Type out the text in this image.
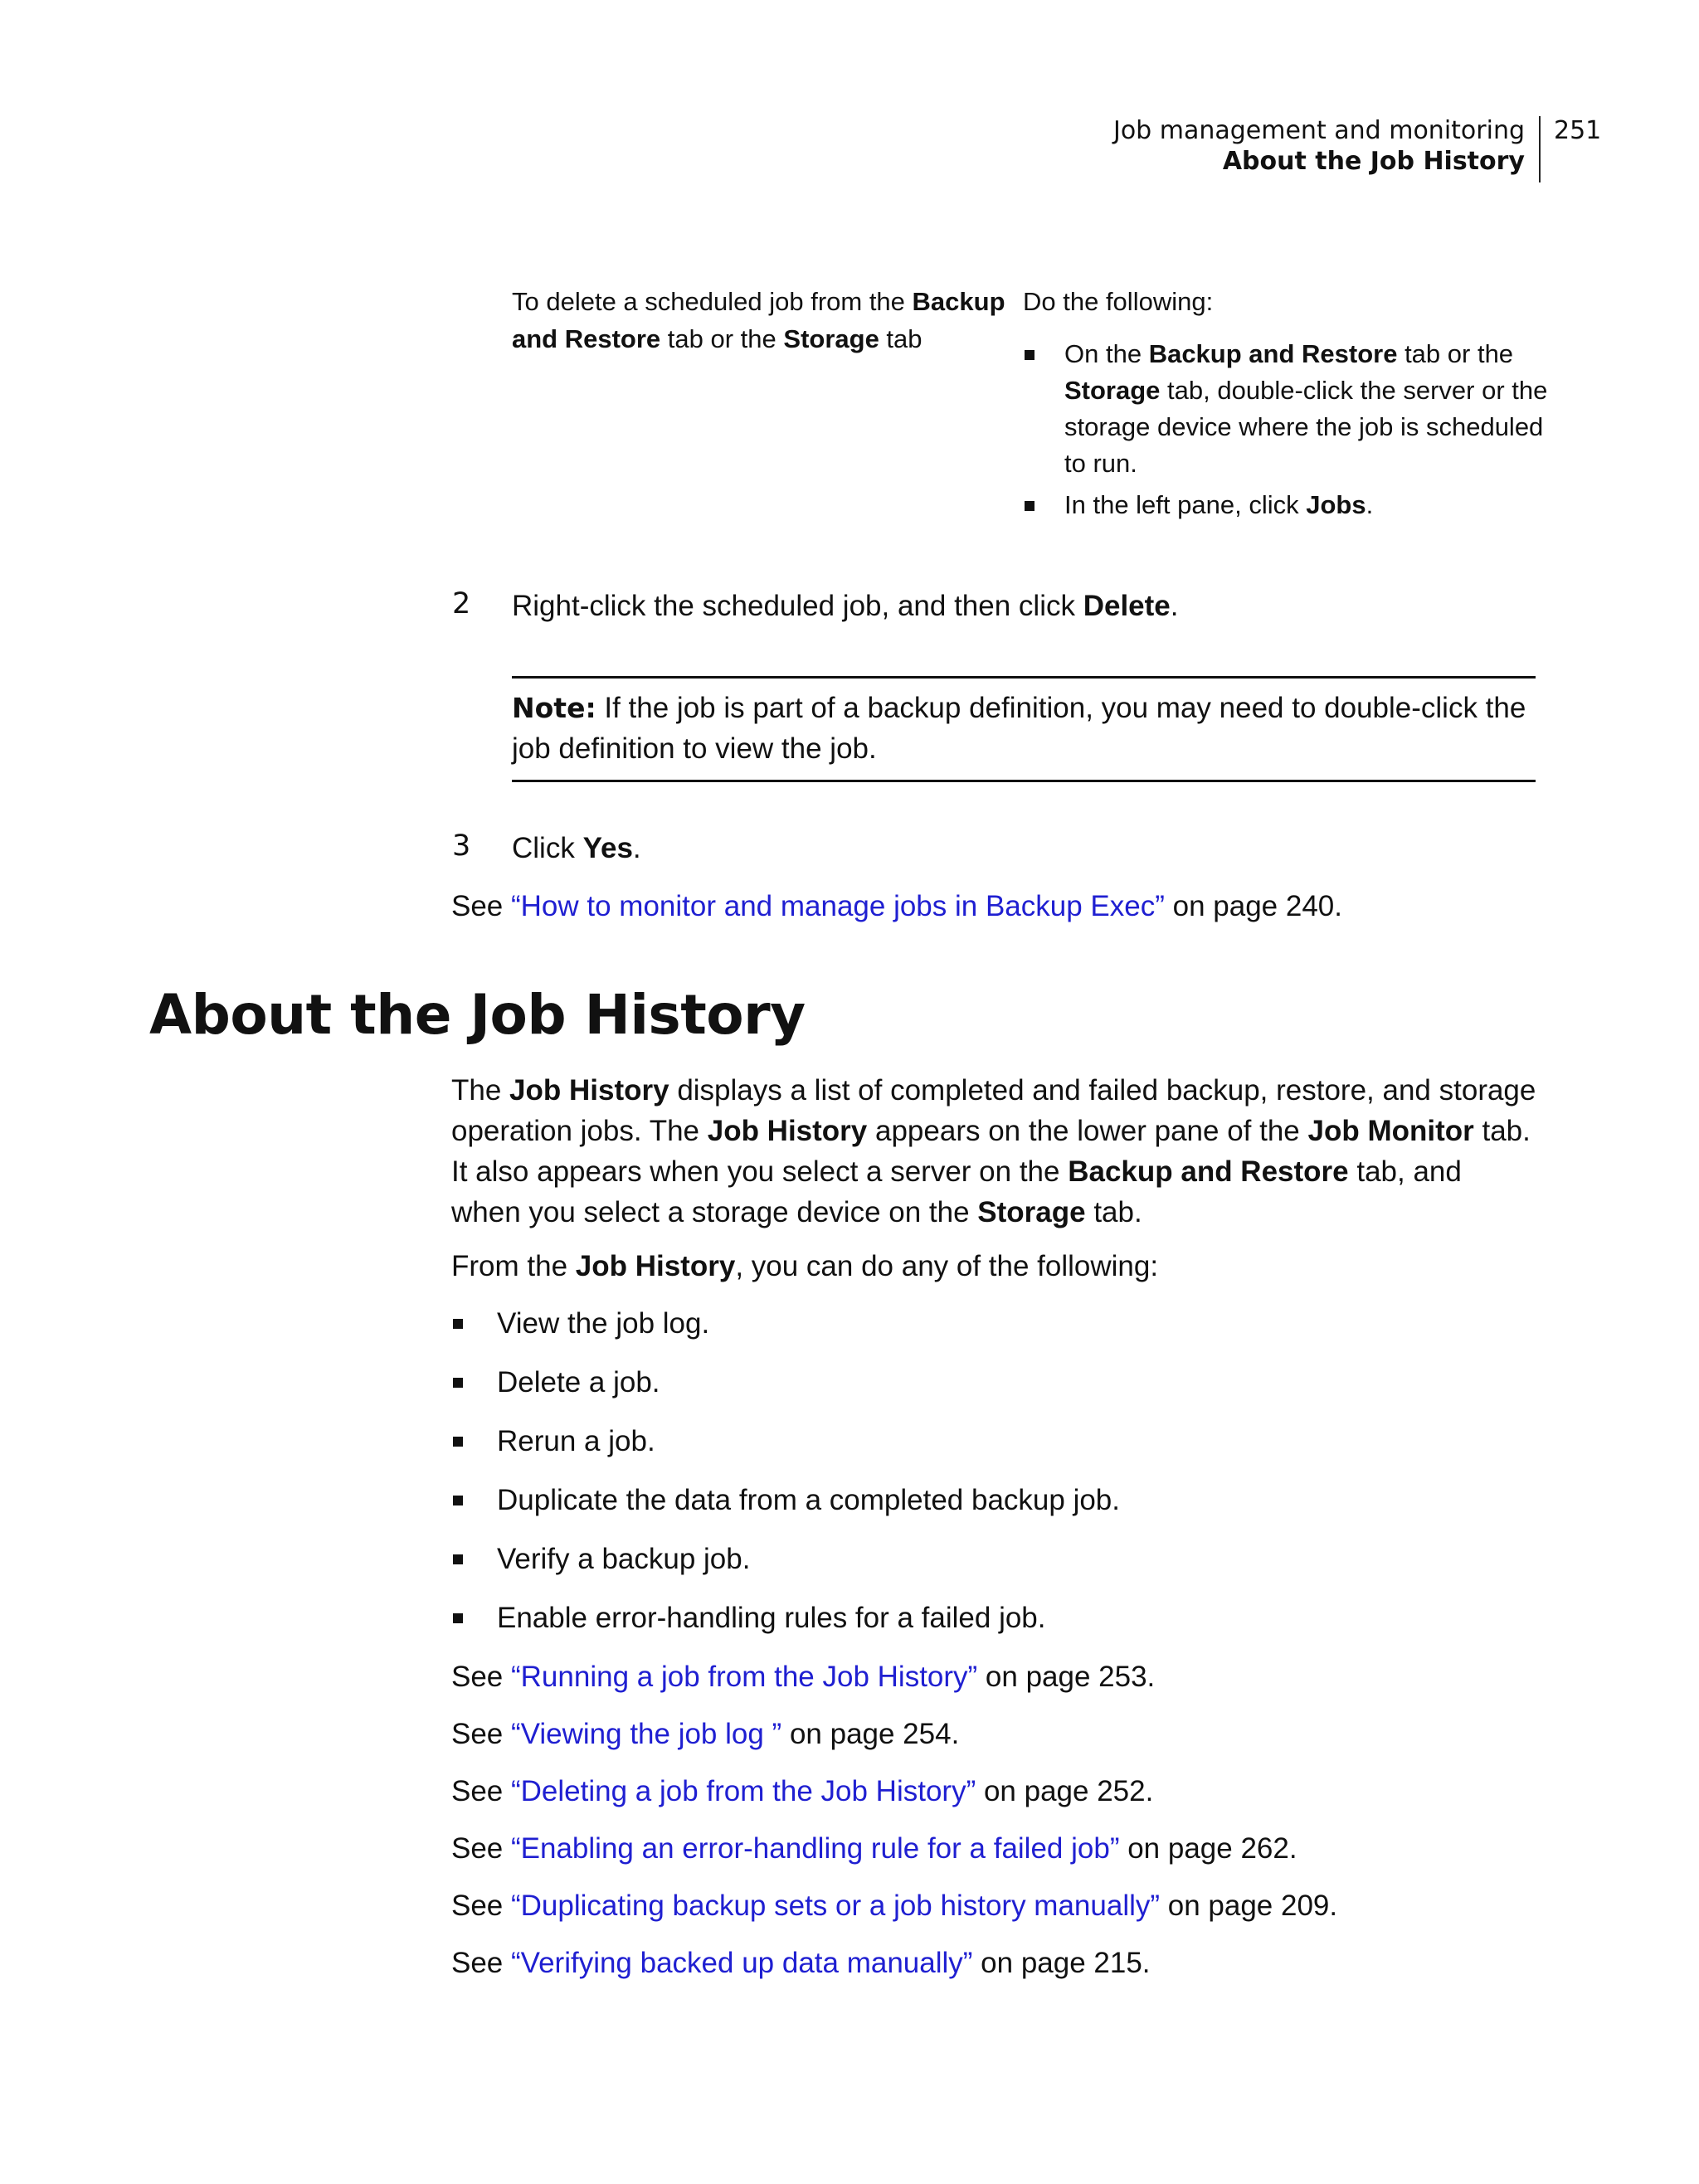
Job management and monitoring
About the Job History
251
To delete a scheduled job from the Backup and Restore tab or the Storage tab
Do the following:
On the Backup and Restore tab or the Storage tab, double-click the server or the storage device where the job is scheduled to run.
In the left pane, click Jobs.
2 Right-click the scheduled job, and then click Delete.
Note: If the job is part of a backup definition, you may need to double-click the job definition to view the job.
3 Click Yes.
See “How to monitor and manage jobs in Backup Exec” on page 240.
About the Job History
The Job History displays a list of completed and failed backup, restore, and storage operation jobs. The Job History appears on the lower pane of the Job Monitor tab. It also appears when you select a server on the Backup and Restore tab, and when you select a storage device on the Storage tab.
From the Job History, you can do any of the following:
View the job log.
Delete a job.
Rerun a job.
Duplicate the data from a completed backup job.
Verify a backup job.
Enable error-handling rules for a failed job.
See “Running a job from the Job History” on page 253.
See “Viewing the job log ” on page 254.
See “Deleting a job from the Job History” on page 252.
See “Enabling an error-handling rule for a failed job” on page 262.
See “Duplicating backup sets or a job history manually” on page 209.
See “Verifying backed up data manually” on page 215.
